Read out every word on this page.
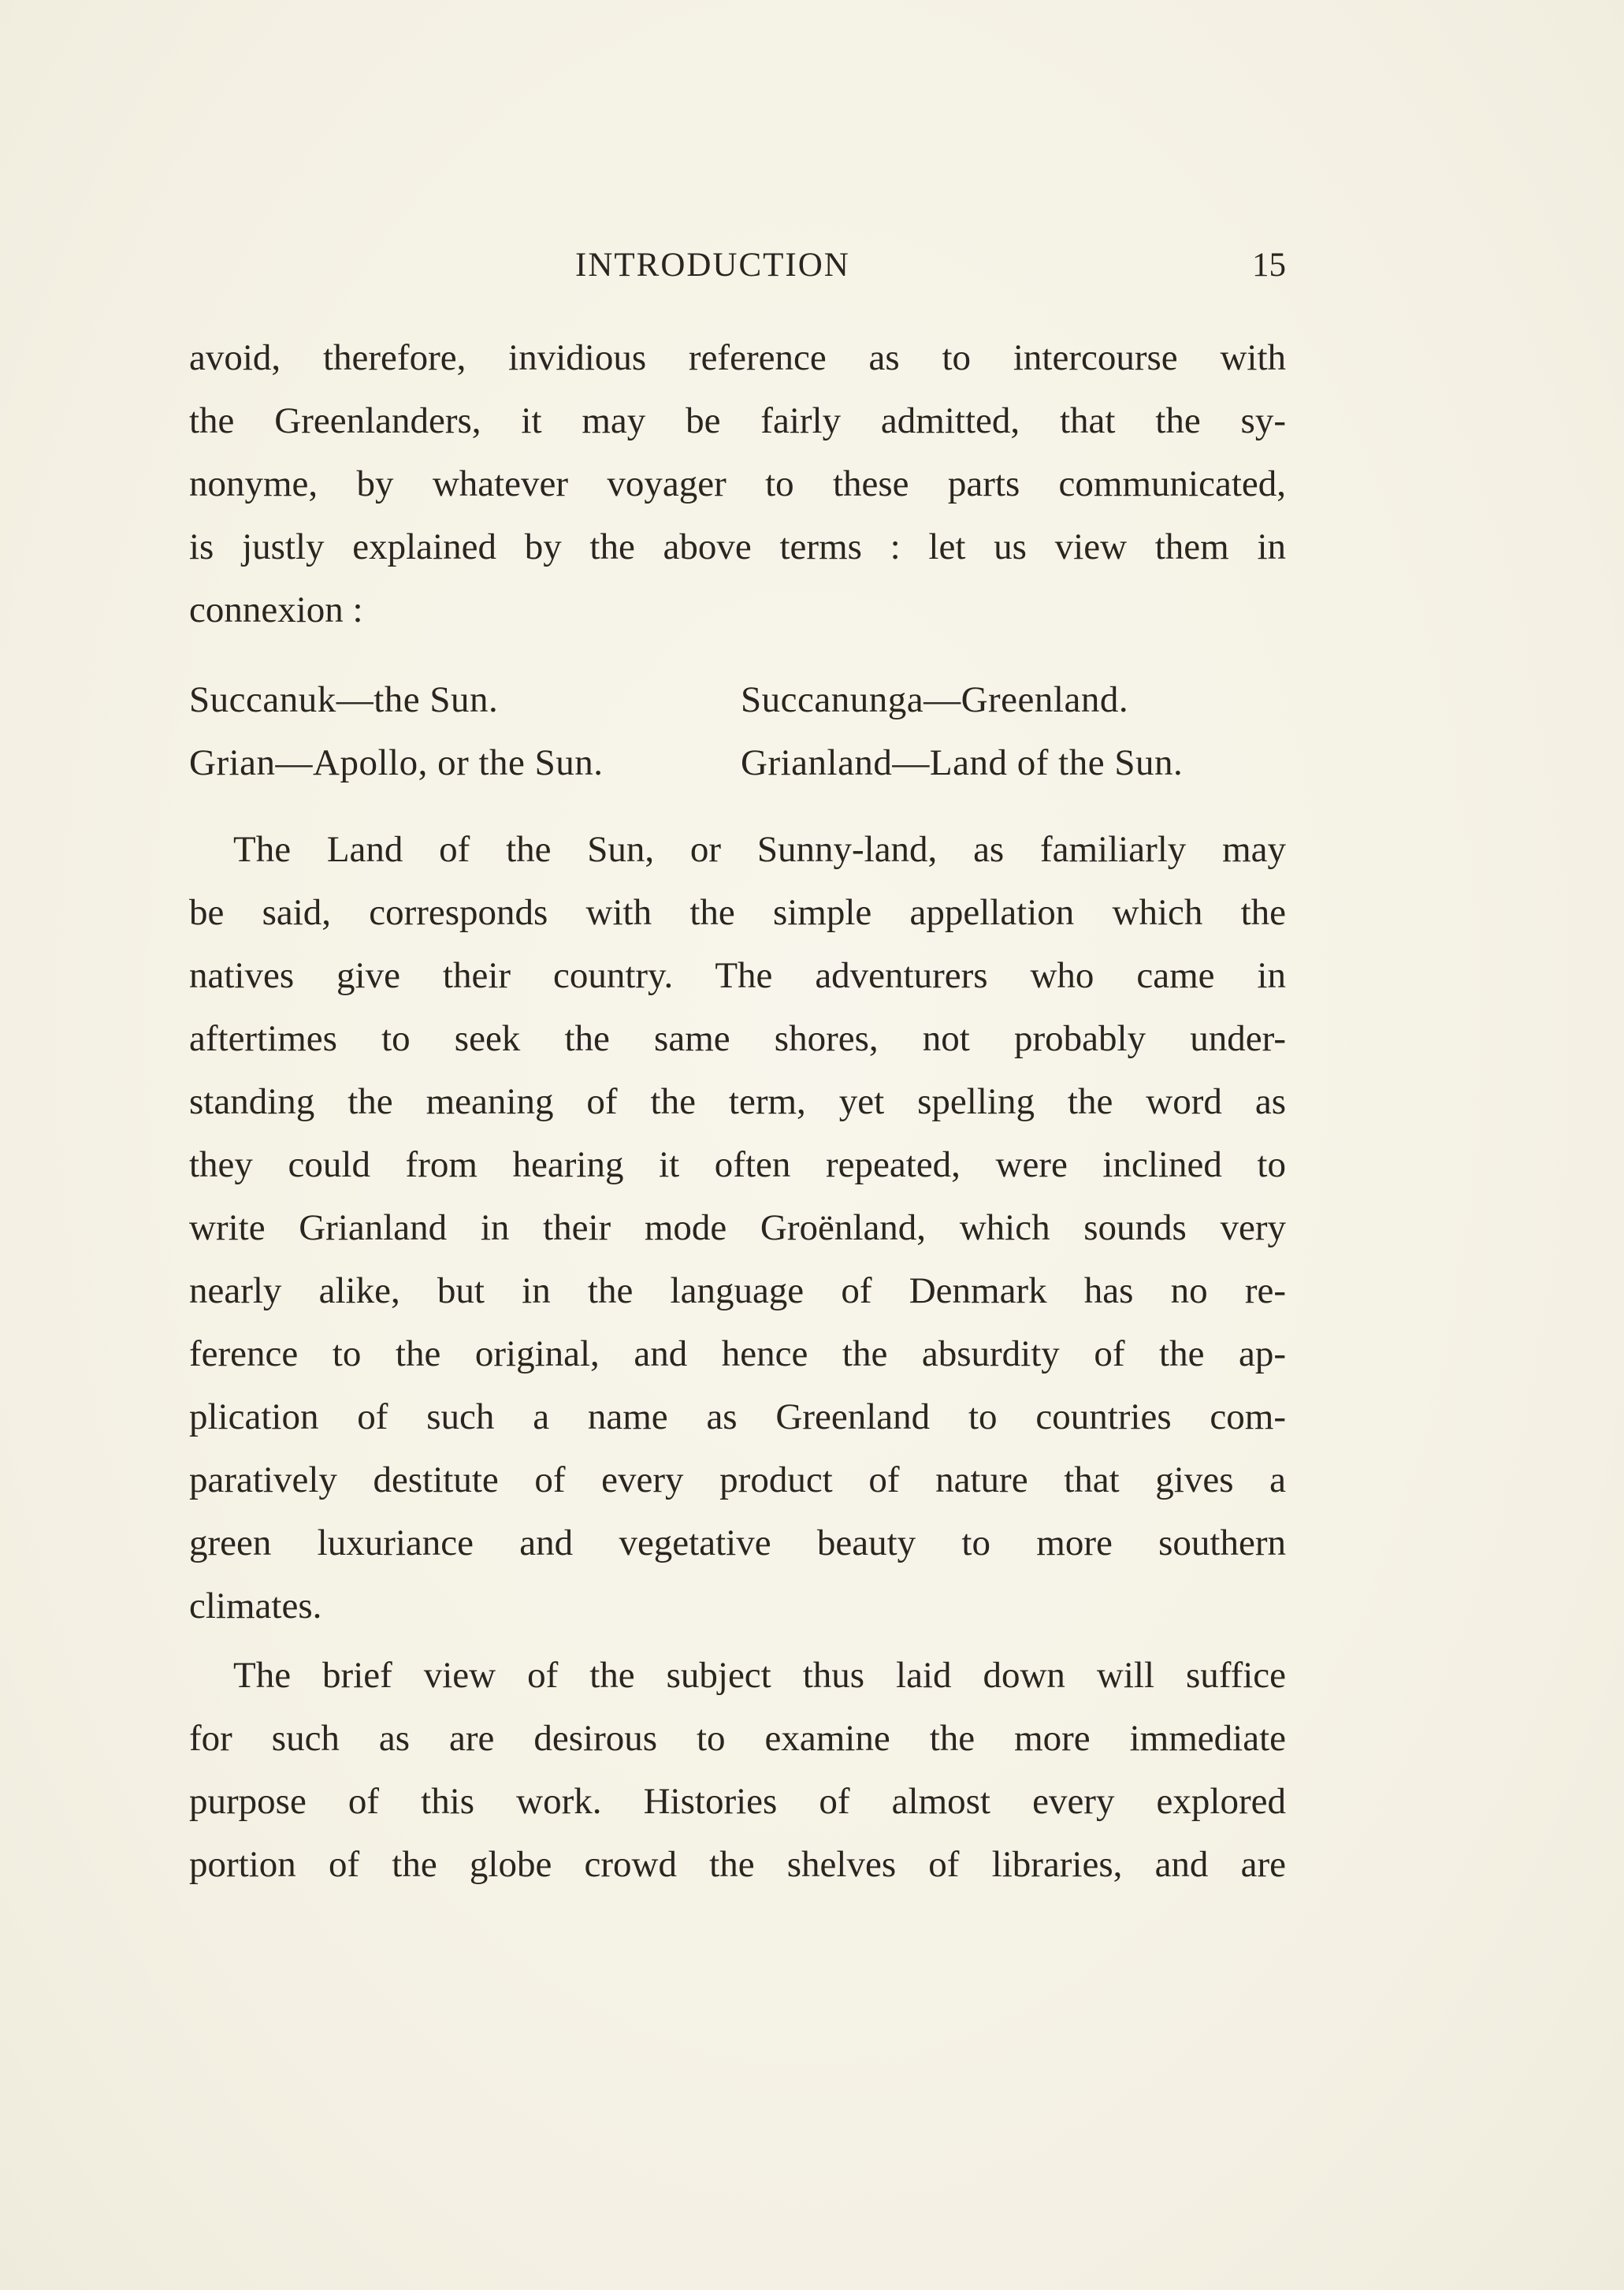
INTRODUCTION	15
avoid, therefore, invidious reference as to intercourse with
the Greenlanders, it may be fairly admitted, that the sy-
nonyme, by whatever voyager to these parts communicated,
is justly explained by the above terms : let us view them in
connexion :
Succanuk—the Sun.	Succanunga—Greenland.
Grian—Apollo, or the Sun.	Grianland—Land of the Sun.
The Land of the Sun, or Sunny-land, as familiarly may
be said, corresponds with the simple appellation which the
natives give their country. The adventurers who came in
aftertimes to seek the same shores, not probably under-
standing the meaning of the term, yet spelling the word as
they could from hearing it often repeated, were inclined to
write Grianland in their mode Groënland, which sounds very
nearly alike, but in the language of Denmark has no re-
ference to the original, and hence the absurdity of the ap-
plication of such a name as Greenland to countries com-
paratively destitute of every product of nature that gives a
green luxuriance and vegetative beauty to more southern
climates.
The brief view of the subject thus laid down will suffice
for such as are desirous to examine the more immediate
purpose of this work. Histories of almost every explored
portion of the globe crowd the shelves of libraries, and are
